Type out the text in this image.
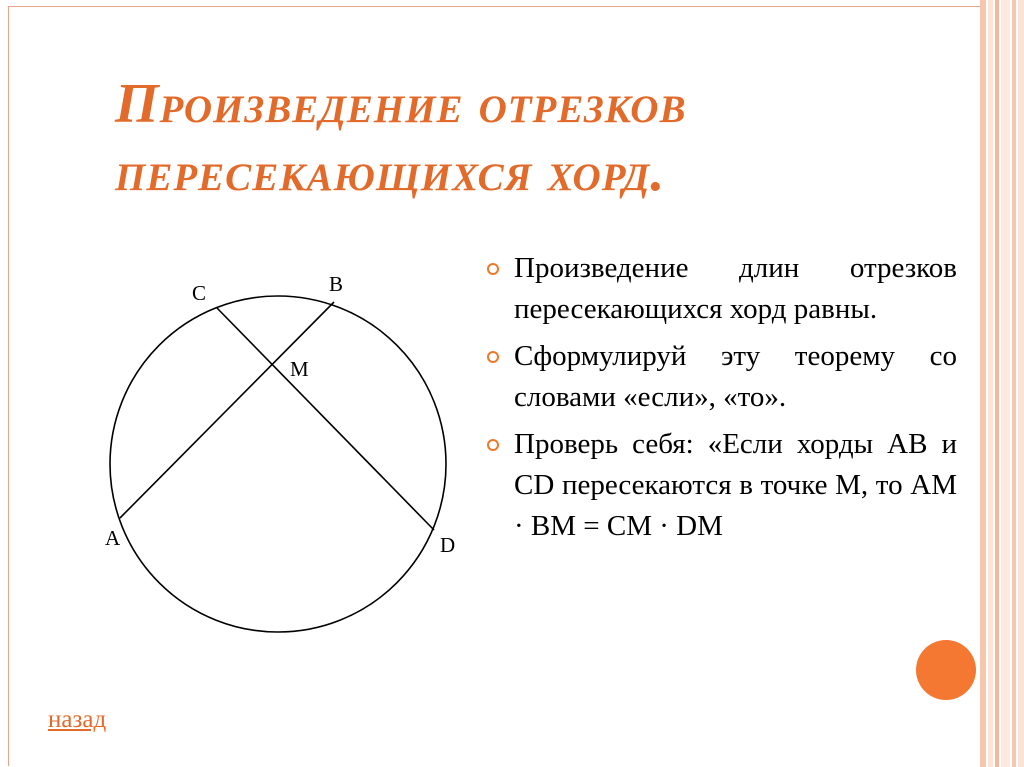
Произведение отрезков
пересекающихся хорд.
C	B
M
A	D
Произведение длин отрезков пересекающихся хорд равны.
Сформулируй эту теорему со словами «если», «то».
Проверь себя: «Если хорды AB и CD пересекаются в точке M, то AM · BM = CM · DM
назад
